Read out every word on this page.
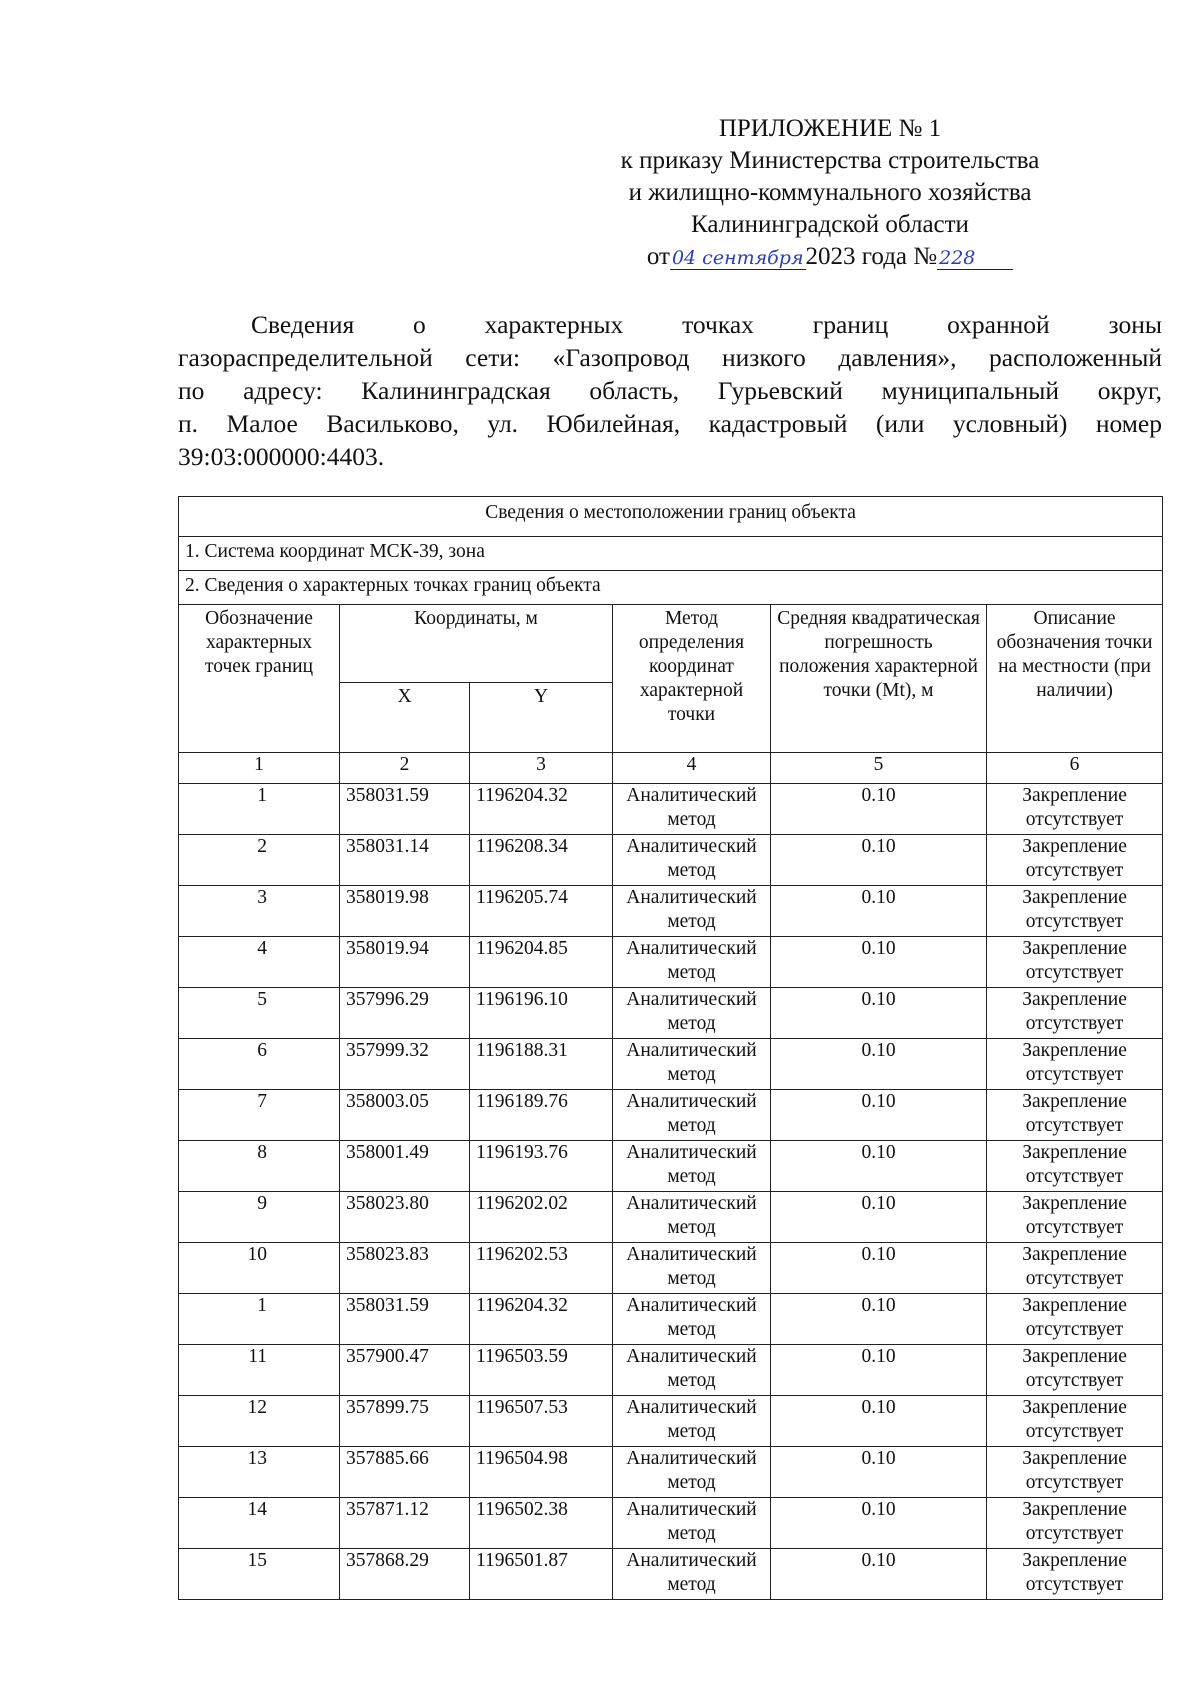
ПРИЛОЖЕНИЕ № 1
к приказу Министерства строительства
и жилищно-коммунального хозяйства
Калининградской области
от 04 сентября2023 года № 228
Сведения о характерных точках границ охранной зоны
газораспределительной сети: «Газопровод низкого давления», расположенный
по адресу: Калининградская область, Гурьевский муниципальный округ,
п. Малое Васильково, ул. Юбилейная, кадастровый (или условный) номер
39:03:000000:4403.
Сведения о местоположении границ объекта					
1. Система координат МСК-39, зона					
2. Сведения о характерных точках границ объекта					
Обозначение характерных точек границ	Координаты, м		Метод определения координат характерной точки	Средняя квадратическая погрешность положения характерной точки (Mt), м	Описание обозначения точки на местности (при наличии)
	X	Y			
1	2	3	4	5	6
1	358031.59	1196204.32	Аналитический метод	0.10	Закрепление отсутствует
2	358031.14	1196208.34	Аналитический метод	0.10	Закрепление отсутствует
3	358019.98	1196205.74	Аналитический метод	0.10	Закрепление отсутствует
4	358019.94	1196204.85	Аналитический метод	0.10	Закрепление отсутствует
5	357996.29	1196196.10	Аналитический метод	0.10	Закрепление отсутствует
6	357999.32	1196188.31	Аналитический метод	0.10	Закрепление отсутствует
7	358003.05	1196189.76	Аналитический метод	0.10	Закрепление отсутствует
8	358001.49	1196193.76	Аналитический метод	0.10	Закрепление отсутствует
9	358023.80	1196202.02	Аналитический метод	0.10	Закрепление отсутствует
10	358023.83	1196202.53	Аналитический метод	0.10	Закрепление отсутствует
1	358031.59	1196204.32	Аналитический метод	0.10	Закрепление отсутствует
11	357900.47	1196503.59	Аналитический метод	0.10	Закрепление отсутствует
12	357899.75	1196507.53	Аналитический метод	0.10	Закрепление отсутствует
13	357885.66	1196504.98	Аналитический метод	0.10	Закрепление отсутствует
14	357871.12	1196502.38	Аналитический метод	0.10	Закрепление отсутствует
15	357868.29	1196501.87	Аналитический метод	0.10	Закрепление отсутствует
